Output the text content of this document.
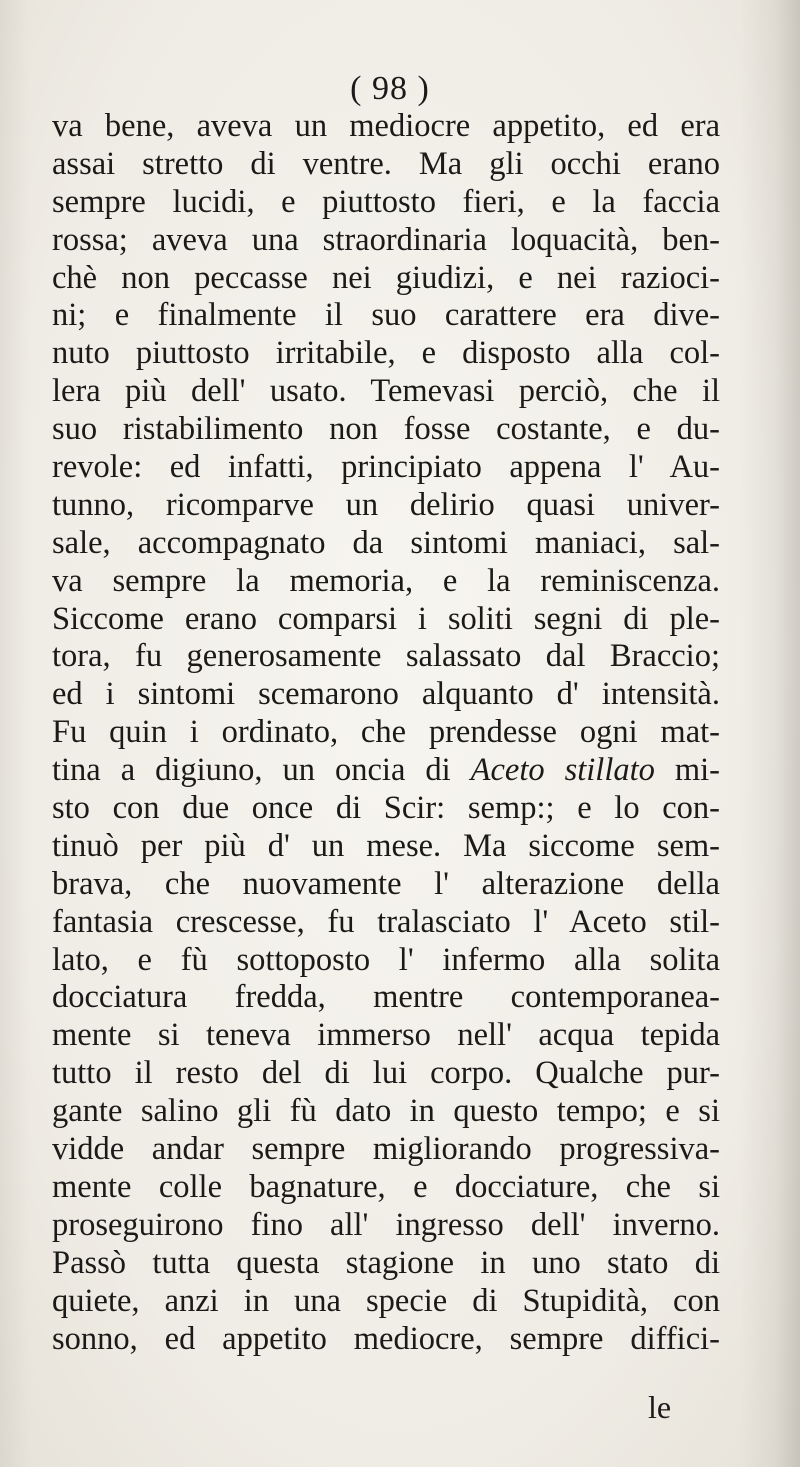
( 98 )
va bene, aveva un mediocre appetito, ed era
assai stretto di ventre. Ma gli occhi erano
sempre lucidi, e piuttosto fieri, e la faccia
rossa; aveva una straordinaria loquacità, ben-
chè non peccasse nei giudizi, e nei razioci-
ni; e finalmente il suo carattere era dive-
nuto piuttosto irritabile, e disposto alla col-
lera più dell' usato. Temevasi perciò, che il
suo ristabilimento non fosse costante, e du-
revole: ed infatti, principiato appena l' Au-
tunno, ricomparve un delirio quasi univer-
sale, accompagnato da sintomi maniaci, sal-
va sempre la memoria, e la reminiscenza.
Siccome erano comparsi i soliti segni di ple-
tora, fu generosamente salassato dal Braccio;
ed i sintomi scemarono alquanto d' intensità.
Fu quin i ordinato, che prendesse ogni mat-
tina a digiuno, un oncia di Aceto stillato mi-
sto con due once di Scir: semp:; e lo con-
tinuò per più d' un mese. Ma siccome sem-
brava, che nuovamente l' alterazione della
fantasia crescesse, fu tralasciato l' Aceto stil-
lato, e fù sottoposto l' infermo alla solita
docciatura fredda, mentre contemporanea-
mente si teneva immerso nell' acqua tepida
tutto il resto del di lui corpo. Qualche pur-
gante salino gli fù dato in questo tempo; e si
vidde andar sempre migliorando progressiva-
mente colle bagnature, e docciature, che si
proseguirono fino all' ingresso dell' inverno.
Passò tutta questa stagione in uno stato di
quiete, anzi in una specie di Stupidità, con
sonno, ed appetito mediocre, sempre diffici-
le
